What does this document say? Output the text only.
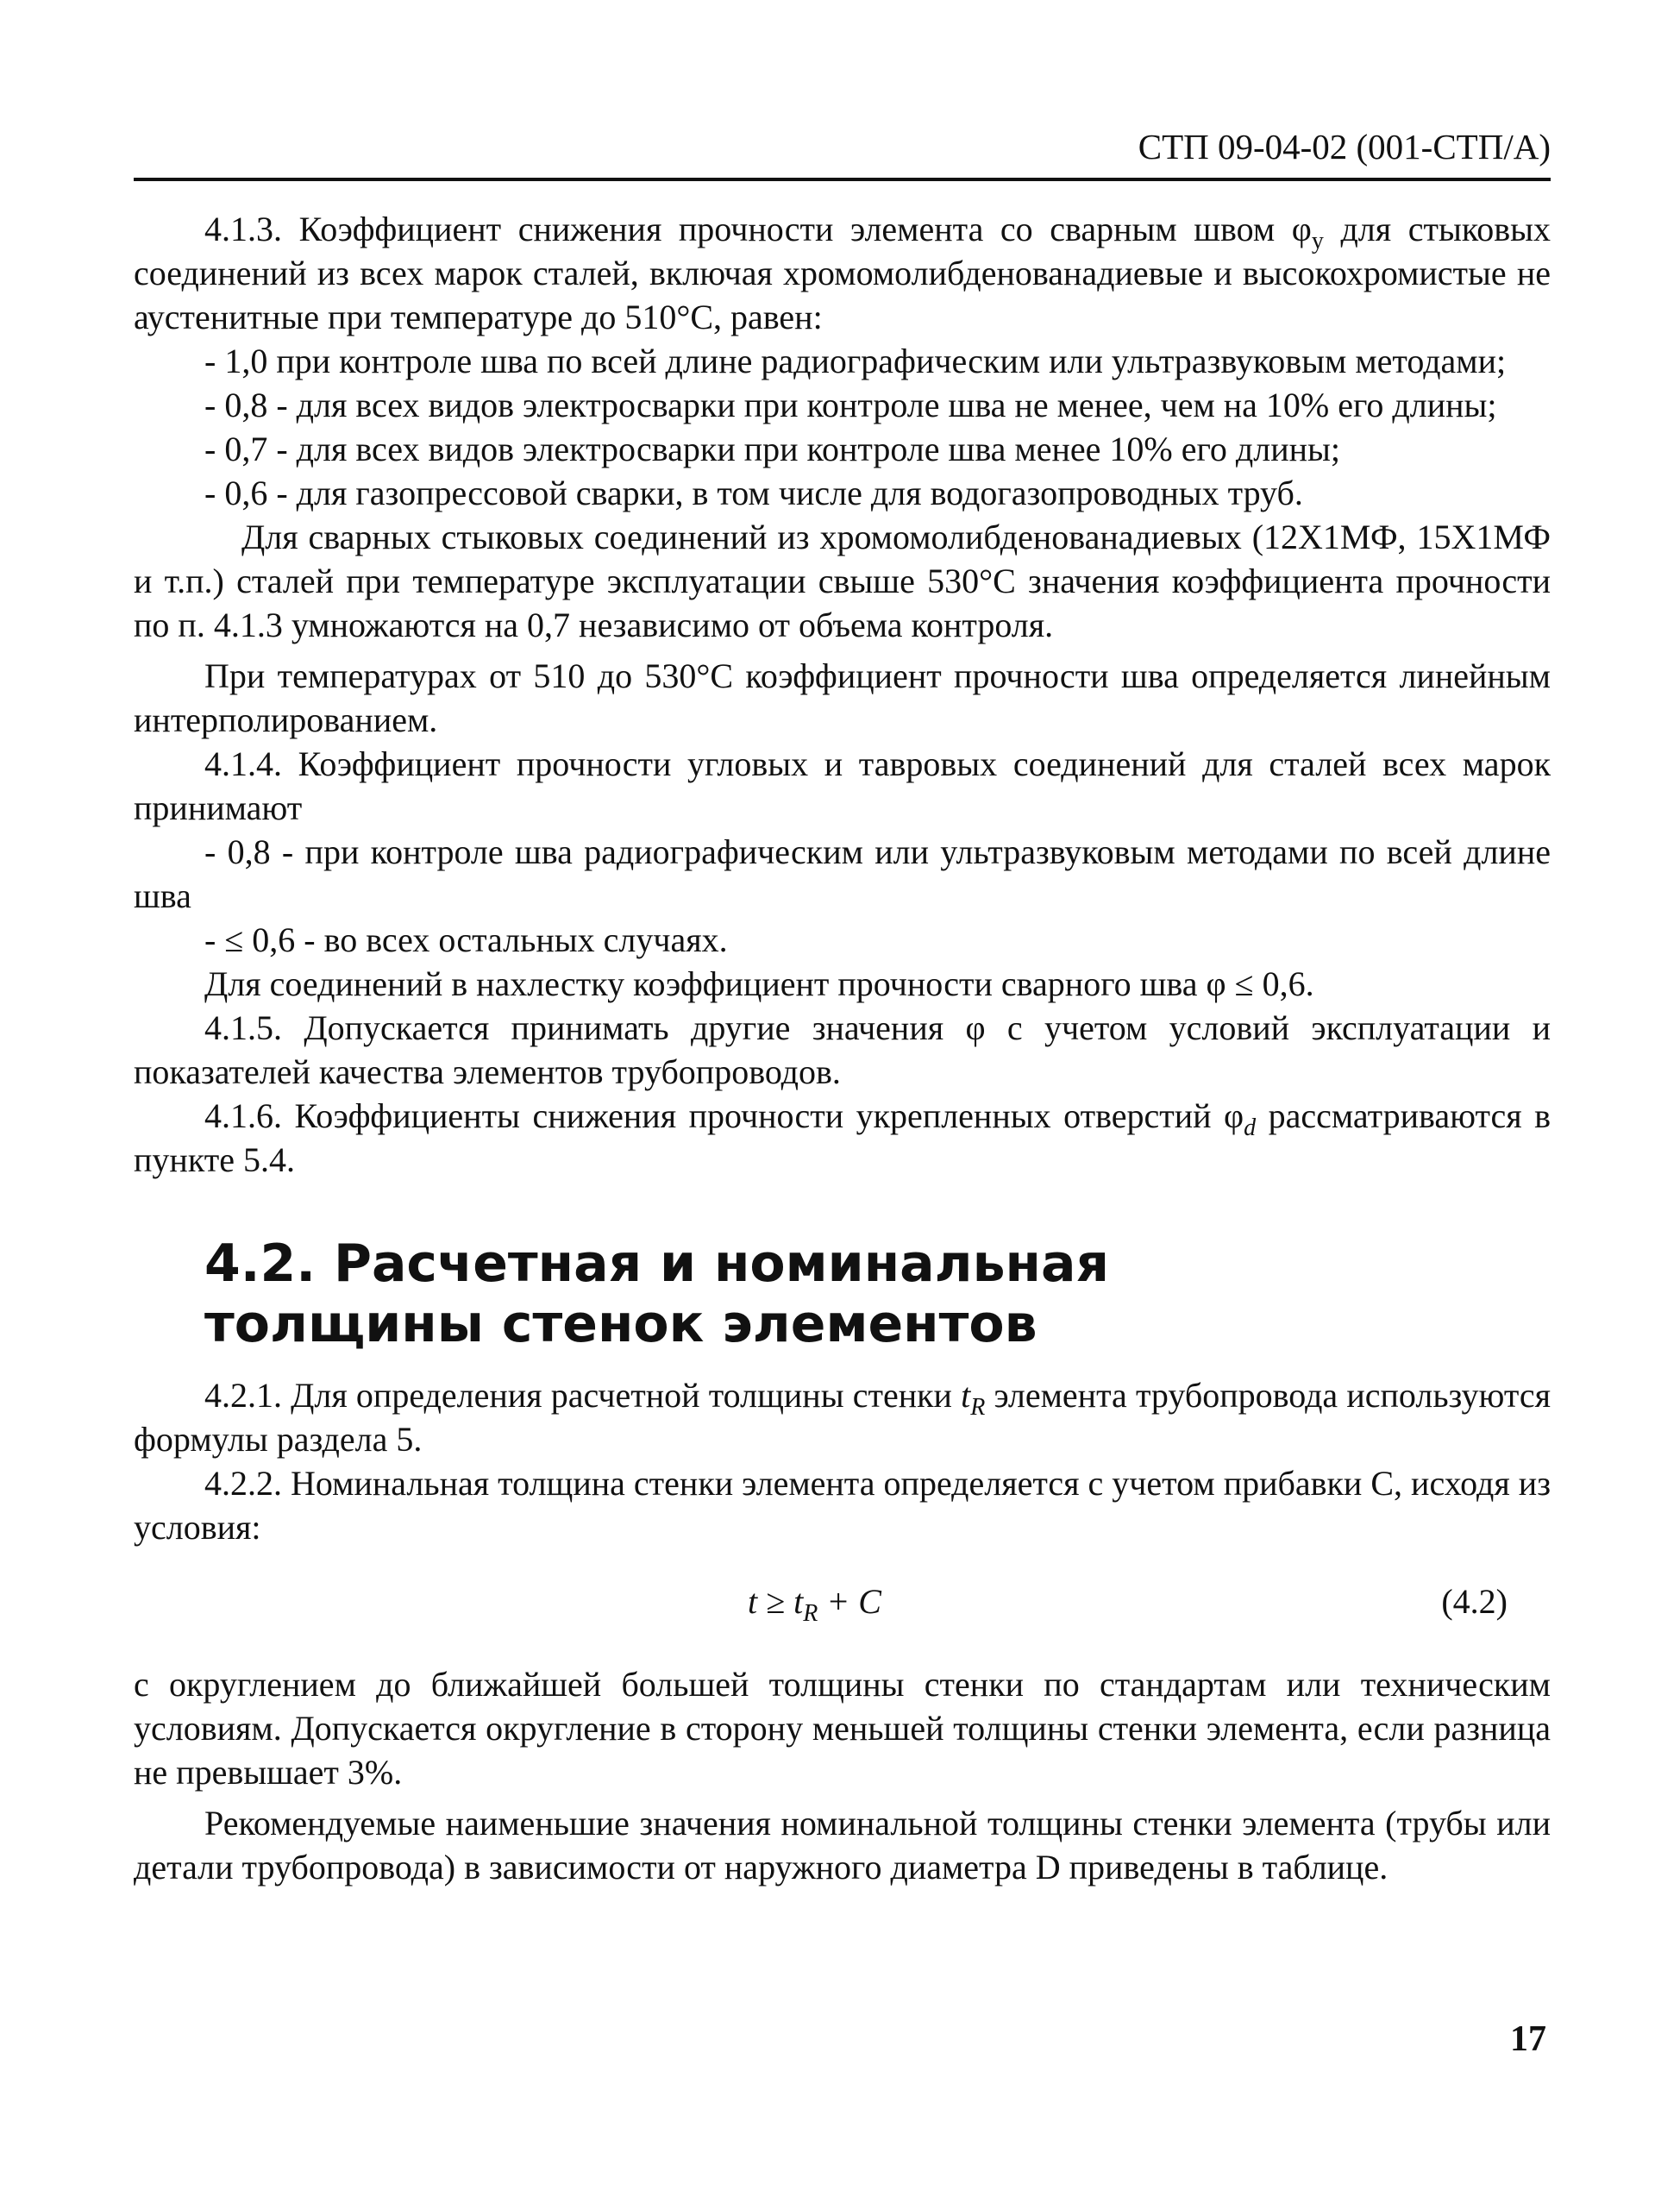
СТП 09-04-02 (001-СТП/А)

4.1.3. Коэффициент снижения прочности элемента со сварным швом $\varphi_у$ для стыковых соединений из всех марок сталей, включая хромомолибденованадиевые и высокохромистые не аустенитные при температуре до 510°С, равен:

- 1,0 при контроле шва по всей длине радиографическим или ультразвуковым методами;

- 0,8 - для всех видов электросварки при контроле шва не менее, чем на 10% его длины;

- 0,7 - для всех видов электросварки при контроле шва менее 10% его длины;

- 0,6 - для газопрессовой сварки, в том числе для водогазопроводных труб.

Для сварных стыковых соединений из хромомолибденованадиевых (12Х1МФ, 15Х1МФ и т.п.) сталей при температуре эксплуатации свыше 530°С значения коэффициента прочности по п. 4.1.3 умножаются на 0,7 независимо от объема контроля.

При температурах от 510 до 530°С коэффициент прочности шва определяется линейным интерполированием.

4.1.4. Коэффициент прочности угловых и тавровых соединений для сталей всех марок принимают

- 0,8 - при контроле шва радиографическим или ультразвуковым методами по всей длине шва

- ≤ 0,6 - во всех остальных случаях.

Для соединений в нахлестку коэффициент прочности сварного шва φ ≤ 0,6.

4.1.5. Допускается принимать другие значения φ с учетом условий эксплуатации и показателей качества элементов трубопроводов.

4.1.6. Коэффициенты снижения прочности укрепленных отверстий $\varphi_d$ рассматриваются в пункте 5.4.

4.2. Расчетная и номинальная
толщины стенок элементов

4.2.1. Для определения расчетной толщины стенки $t_R$ элемента трубопровода используются формулы раздела 5.

4.2.2. Номинальная толщина стенки элемента определяется с учетом прибавки С, исходя из условия:

$t \ge t_R + C$	(4.2)

с округлением до ближайшей большей толщины стенки по стандартам или техническим условиям. Допускается округление в сторону меньшей толщины стенки элемента, если разница не превышает 3%.

Рекомендуемые наименьшие значения номинальной толщины стенки элемента (трубы или детали трубопровода) в зависимости от наружного диаметра D приведены в таблице.

17
